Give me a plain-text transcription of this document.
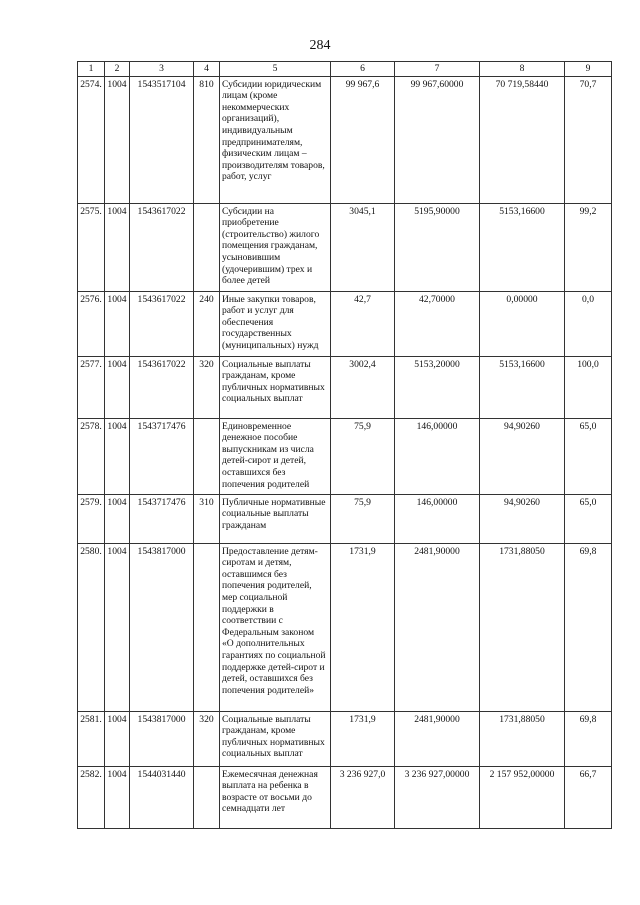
284
1	2	3	4	5	6	7	8	9
2574.	1004	1543517104	810	Субсидии юридическим лицам (кроме некоммерческих организаций), индивидуальным предпринимателям, физическим лицам – производителям товаров, работ, услуг	99 967,6	99 967,60000	70 719,58440	70,7
2575.	1004	1543617022		Субсидии на приобретение (строительство) жилого помещения гражданам, усыновившим (удочерившим) трех и более детей	3045,1	5195,90000	5153,16600	99,2
2576.	1004	1543617022	240	Иные закупки товаров, работ и услуг для обеспечения государственных (муниципальных) нужд	42,7	42,70000	0,00000	0,0
2577.	1004	1543617022	320	Социальные выплаты гражданам, кроме публичных нормативных социальных выплат	3002,4	5153,20000	5153,16600	100,0
2578.	1004	1543717476		Единовременное денежное пособие выпускникам из числа детей-сирот и детей, оставшихся без попечения родителей	75,9	146,00000	94,90260	65,0
2579.	1004	1543717476	310	Публичные нормативные социальные выплаты гражданам	75,9	146,00000	94,90260	65,0
2580.	1004	1543817000		Предоставление детям-сиротам и детям, оставшимся без попечения родителей, мер социальной поддержки в соответствии с Федеральным законом «О дополнительных гарантиях по социальной поддержке детей-сирот и детей, оставшихся без попечения родителей»	1731,9	2481,90000	1731,88050	69,8
2581.	1004	1543817000	320	Социальные выплаты гражданам, кроме публичных нормативных социальных выплат	1731,9	2481,90000	1731,88050	69,8
2582.	1004	1544031440		Ежемесячная денежная выплата на ребенка в возрасте от восьми до семнадцати лет	3 236 927,0	3 236 927,00000	2 157 952,00000	66,7
